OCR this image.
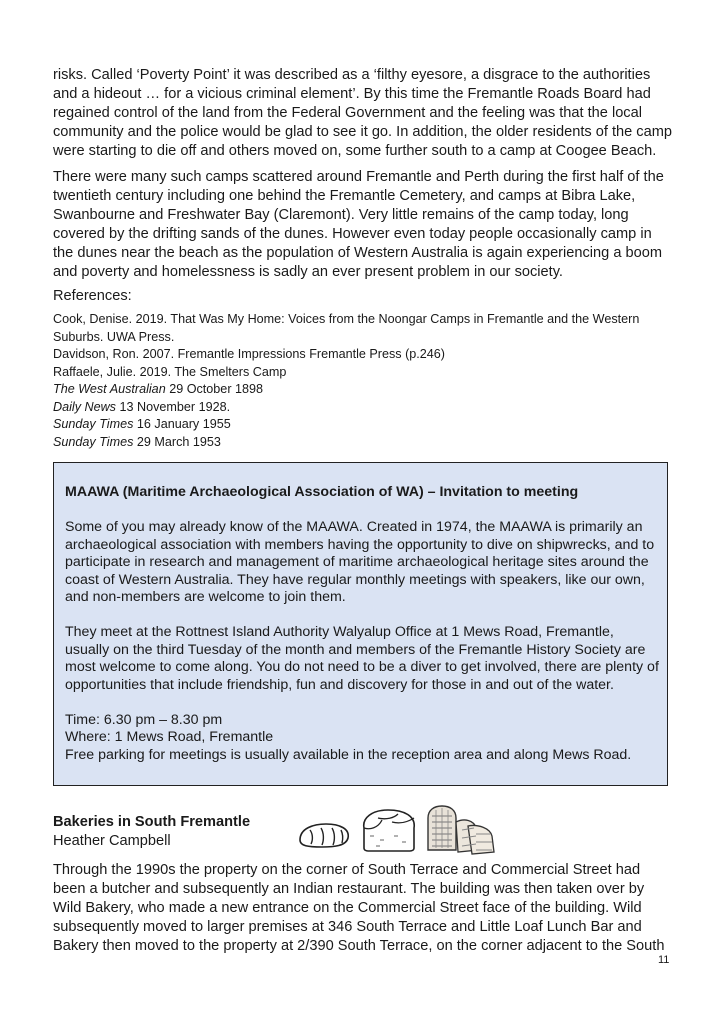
risks. Called ‘Poverty Point’ it was described as a ‘filthy eyesore, a disgrace to the authorities and a hideout … for a vicious criminal element’. By this time the Fremantle Roads Board had regained control of the land from the Federal Government and the feeling was that the local community and the police would be glad to see it go. In addition, the older residents of the camp were starting to die off and others moved on, some further south to a camp at Coogee Beach.

There were many such camps scattered around Fremantle and Perth during the first half of the twentieth century including one behind the Fremantle Cemetery, and camps at Bibra Lake, Swanbourne and Freshwater Bay (Claremont). Very little remains of the camp today, long covered by the drifting sands of the dunes. However even today people occasionally camp in the dunes near the beach as the population of Western Australia is again experiencing a boom and poverty and homelessness is sadly an ever present problem in our society.

References:

Cook, Denise. 2019. That Was My Home: Voices from the Noongar Camps in Fremantle and the Western Suburbs. UWA Press.
Davidson, Ron. 2007. Fremantle Impressions Fremantle Press (p.246)
Raffaele, Julie. 2019. The Smelters Camp
The West Australian 29 October 1898
Daily News 13 November 1928.
Sunday Times 16 January 1955
Sunday Times 29 March 1953

MAAWA (Maritime Archaeological Association of WA) – Invitation to meeting

Some of you may already know of the MAAWA. Created in 1974, the MAAWA is primarily an archaeological association with members having the opportunity to dive on shipwrecks, and to participate in research and management of maritime archaeological heritage sites around the coast of Western Australia. They have regular monthly meetings with speakers, like our own, and non-members are welcome to join them.

They meet at the Rottnest Island Authority Walyalup Office at 1 Mews Road, Fremantle, usually on the third Tuesday of the month and members of the Fremantle History Society are most welcome to come along. You do not need to be a diver to get involved, there are plenty of opportunities that include friendship, fun and discovery for those in and out of the water.

Time: 6.30 pm – 8.30 pm
Where: 1 Mews Road, Fremantle
Free parking for meetings is usually available in the reception area and along Mews Road.

Bakeries in South Fremantle
Heather Campbell

Through the 1990s the property on the corner of South Terrace and Commercial Street had been a butcher and subsequently an Indian restaurant. The building was then taken over by Wild Bakery, who made a new entrance on the Commercial Street face of the building. Wild subsequently moved to larger premises at 346 South Terrace and Little Loaf Lunch Bar and Bakery then moved to the property at 2/390 South Terrace, on the corner adjacent to the South

11
